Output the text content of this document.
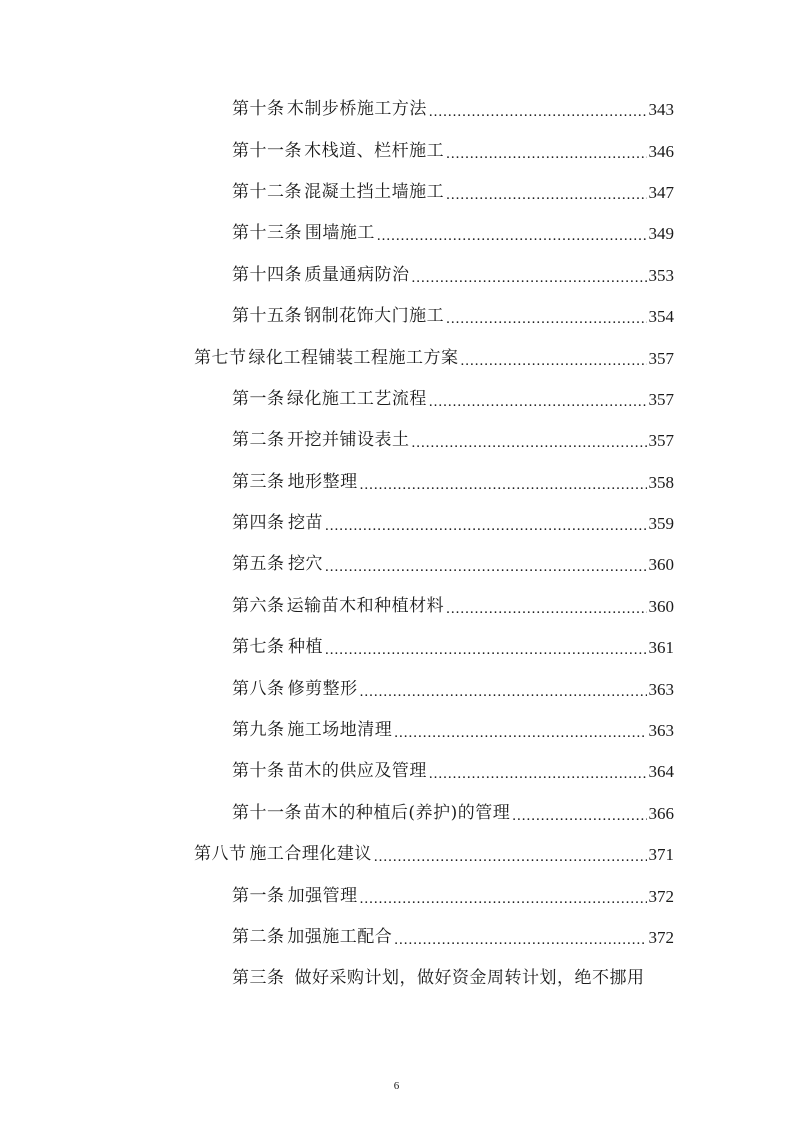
第十条 木制步桥施工方法 .....	343
第十一条 木栈道、栏杆施工 .....	346
第十二条 混凝土挡土墙施工 .....	347
第十三条 围墙施工 .....	349
第十四条 质量通病防治 .....	353
第十五条 钢制花饰大门施工 .....	354
第七节 绿化工程铺装工程施工方案 .....	357
第一条 绿化施工工艺流程 .....	357
第二条 开挖并铺设表土 .....	357
第三条 地形整理 .....	358
第四条 挖苗 .....	359
第五条 挖穴 .....	360
第六条 运输苗木和种植材料 .....	360
第七条 种植 .....	361
第八条 修剪整形 .....	363
第九条 施工场地清理 .....	363
第十条 苗木的供应及管理 .....	364
第十一条 苗木的种植后(养护)的管理 .....	366
第八节 施工合理化建议 .....	371
第一条 加强管理 .....	372
第二条 加强施工配合 .....	372
第三条 做好采购计划，做好资金周转计划，绝不挪用
6
